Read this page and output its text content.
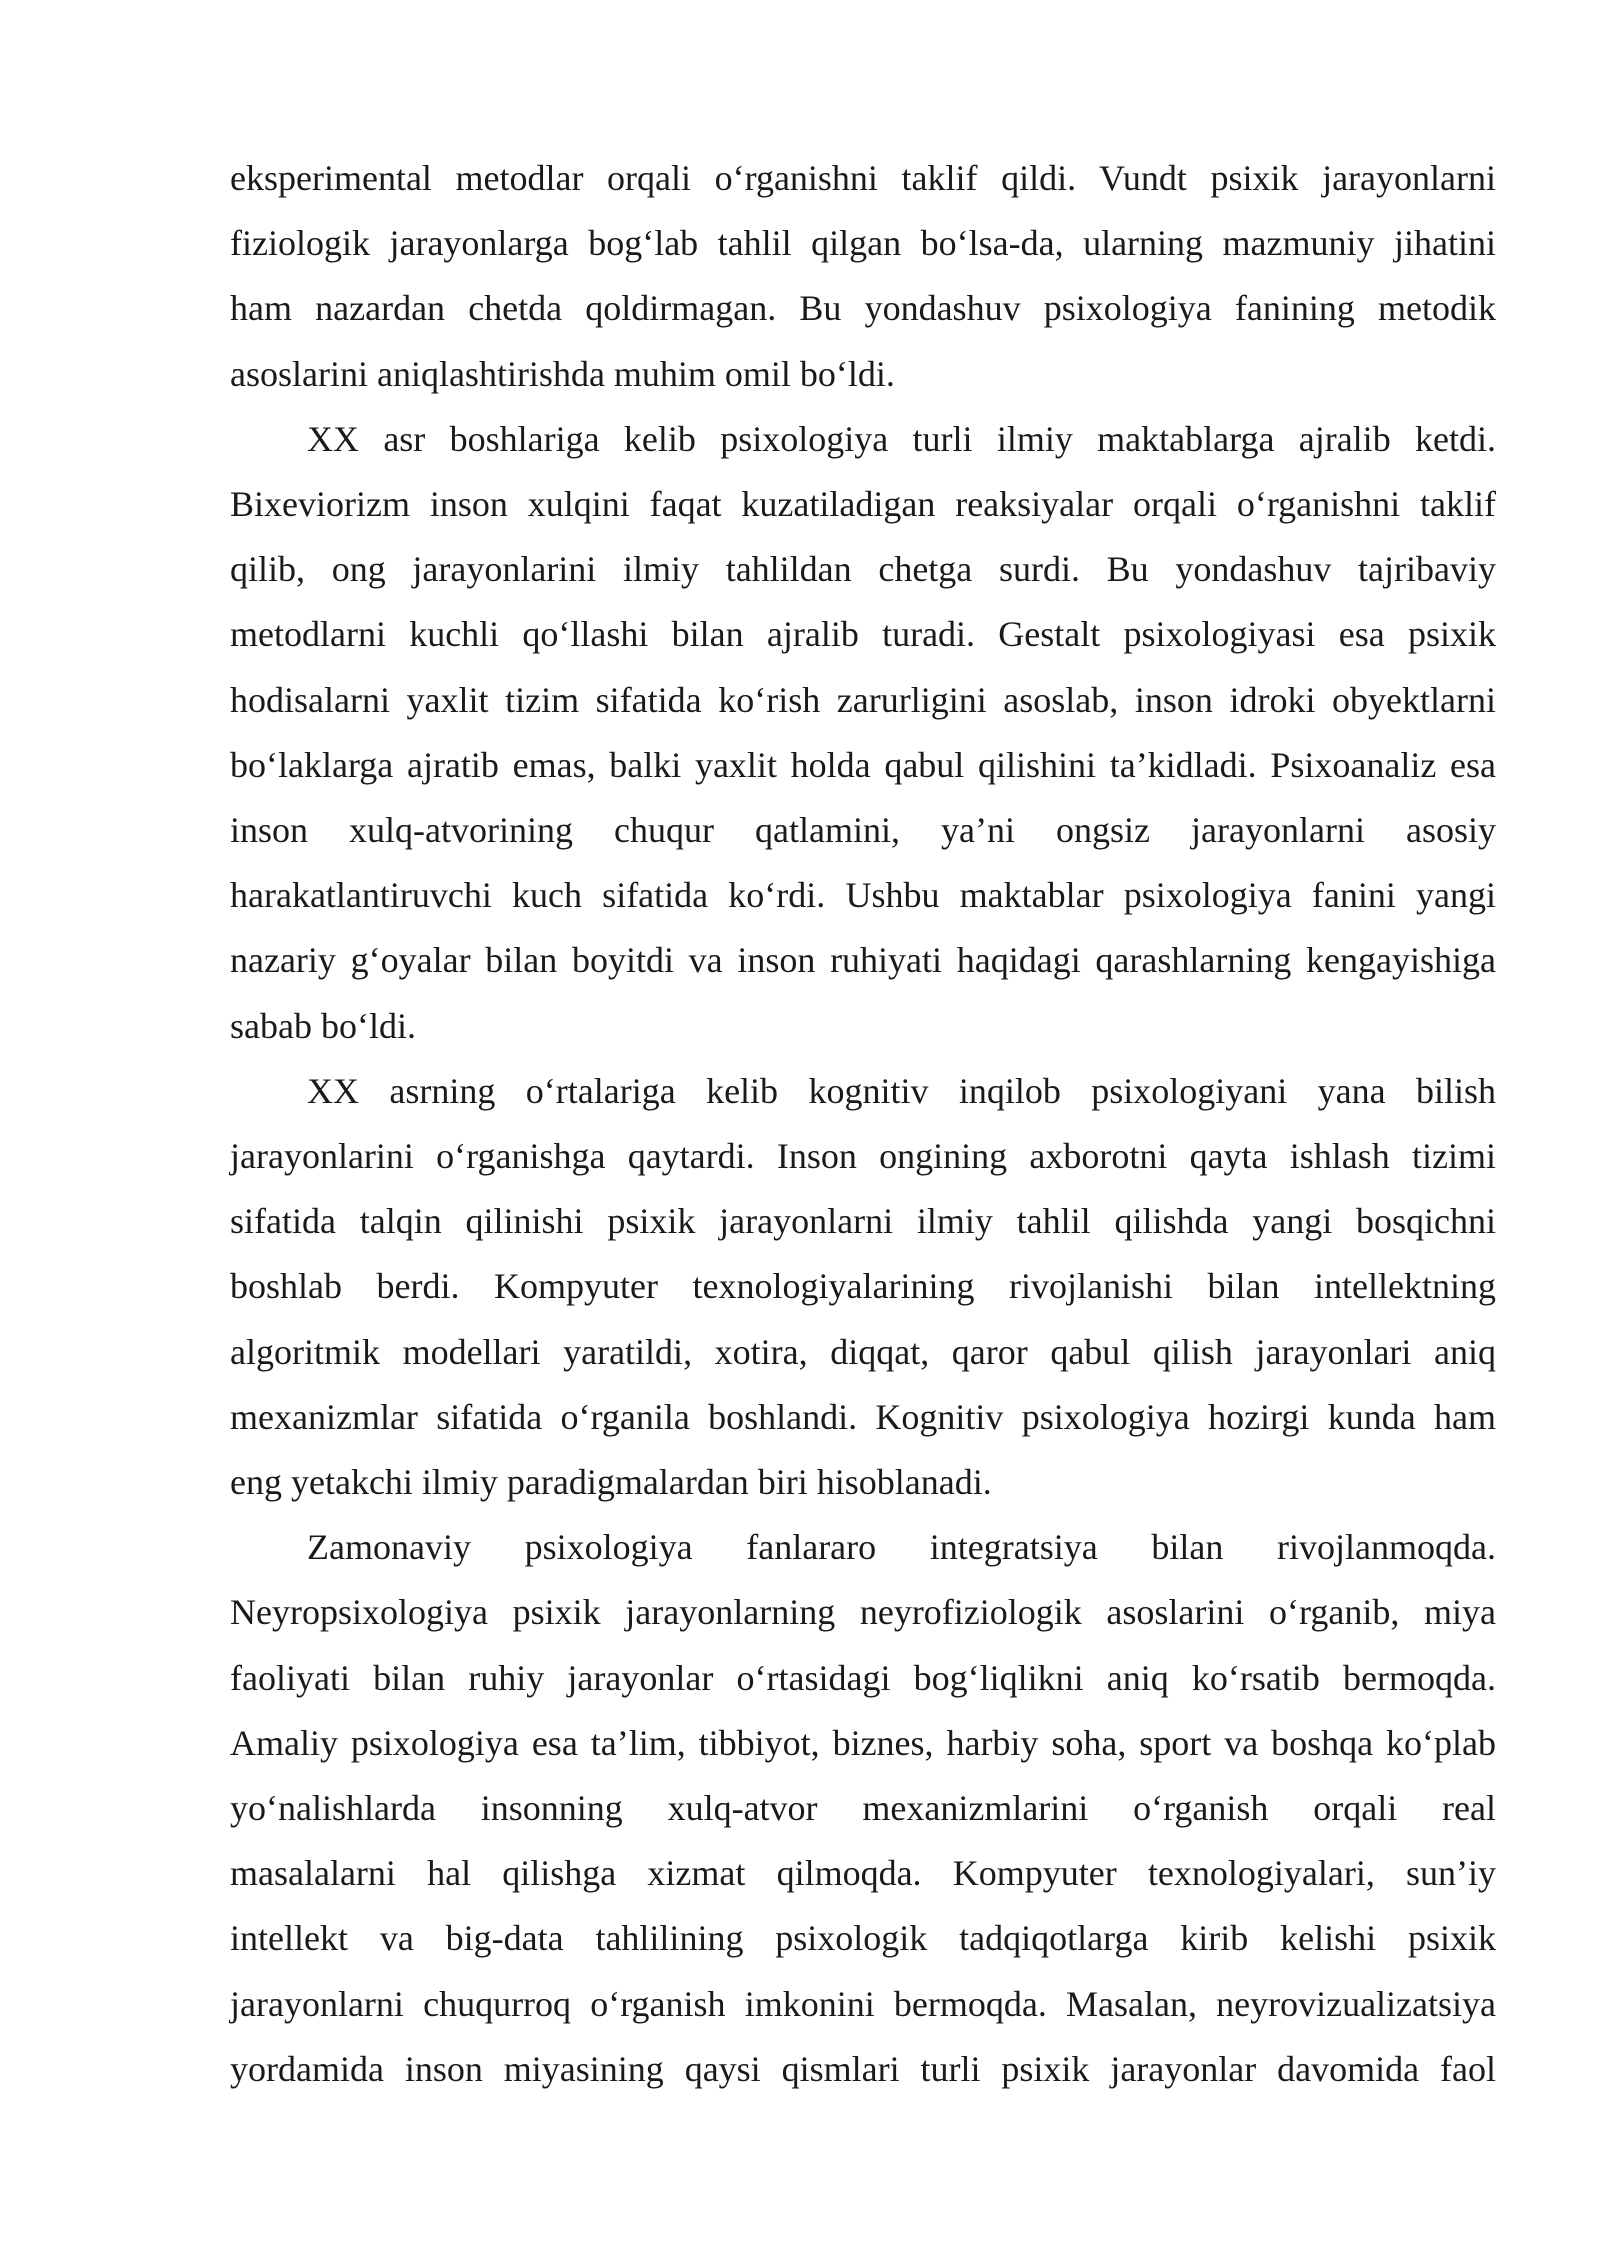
eksperimental metodlar orqali o‘rganishni taklif qildi. Vundt psixik jarayonlarni
fiziologik jarayonlarga bog‘lab tahlil qilgan bo‘lsa-da, ularning mazmuniy jihatini
ham nazardan chetda qoldirmagan. Bu yondashuv psixologiya fanining metodik
asoslarini aniqlashtirishda muhim omil bo‘ldi.
XX asr boshlariga kelib psixologiya turli ilmiy maktablarga ajralib ketdi.
Bixeviorizm inson xulqini faqat kuzatiladigan reaksiyalar orqali o‘rganishni taklif
qilib, ong jarayonlarini ilmiy tahlildan chetga surdi. Bu yondashuv tajribaviy
metodlarni kuchli qo‘llashi bilan ajralib turadi. Gestalt psixologiyasi esa psixik
hodisalarni yaxlit tizim sifatida ko‘rish zarurligini asoslab, inson idroki obyektlarni
bo‘laklarga ajratib emas, balki yaxlit holda qabul qilishini ta’kidladi. Psixoanaliz esa
inson xulq-atvorining chuqur qatlamini, ya’ni ongsiz jarayonlarni asosiy
harakatlantiruvchi kuch sifatida ko‘rdi. Ushbu maktablar psixologiya fanini yangi
nazariy g‘oyalar bilan boyitdi va inson ruhiyati haqidagi qarashlarning kengayishiga
sabab bo‘ldi.
XX asrning o‘rtalariga kelib kognitiv inqilob psixologiyani yana bilish
jarayonlarini o‘rganishga qaytardi. Inson ongining axborotni qayta ishlash tizimi
sifatida talqin qilinishi psixik jarayonlarni ilmiy tahlil qilishda yangi bosqichni
boshlab berdi. Kompyuter texnologiyalarining rivojlanishi bilan intellektning
algoritmik modellari yaratildi, xotira, diqqat, qaror qabul qilish jarayonlari aniq
mexanizmlar sifatida o‘rganila boshlandi. Kognitiv psixologiya hozirgi kunda ham
eng yetakchi ilmiy paradigmalardan biri hisoblanadi.
Zamonaviy psixologiya fanlararo integratsiya bilan rivojlanmoqda.
Neyropsixologiya psixik jarayonlarning neyrofiziologik asoslarini o‘rganib, miya
faoliyati bilan ruhiy jarayonlar o‘rtasidagi bog‘liqlikni aniq ko‘rsatib bermoqda.
Amaliy psixologiya esa ta’lim, tibbiyot, biznes, harbiy soha, sport va boshqa ko‘plab
yo‘nalishlarda insonning xulq-atvor mexanizmlarini o‘rganish orqali real
masalalarni hal qilishga xizmat qilmoqda. Kompyuter texnologiyalari, sun’iy
intellekt va big-data tahlilining psixologik tadqiqotlarga kirib kelishi psixik
jarayonlarni chuqurroq o‘rganish imkonini bermoqda. Masalan, neyrovizualizatsiya
yordamida inson miyasining qaysi qismlari turli psixik jarayonlar davomida faol
